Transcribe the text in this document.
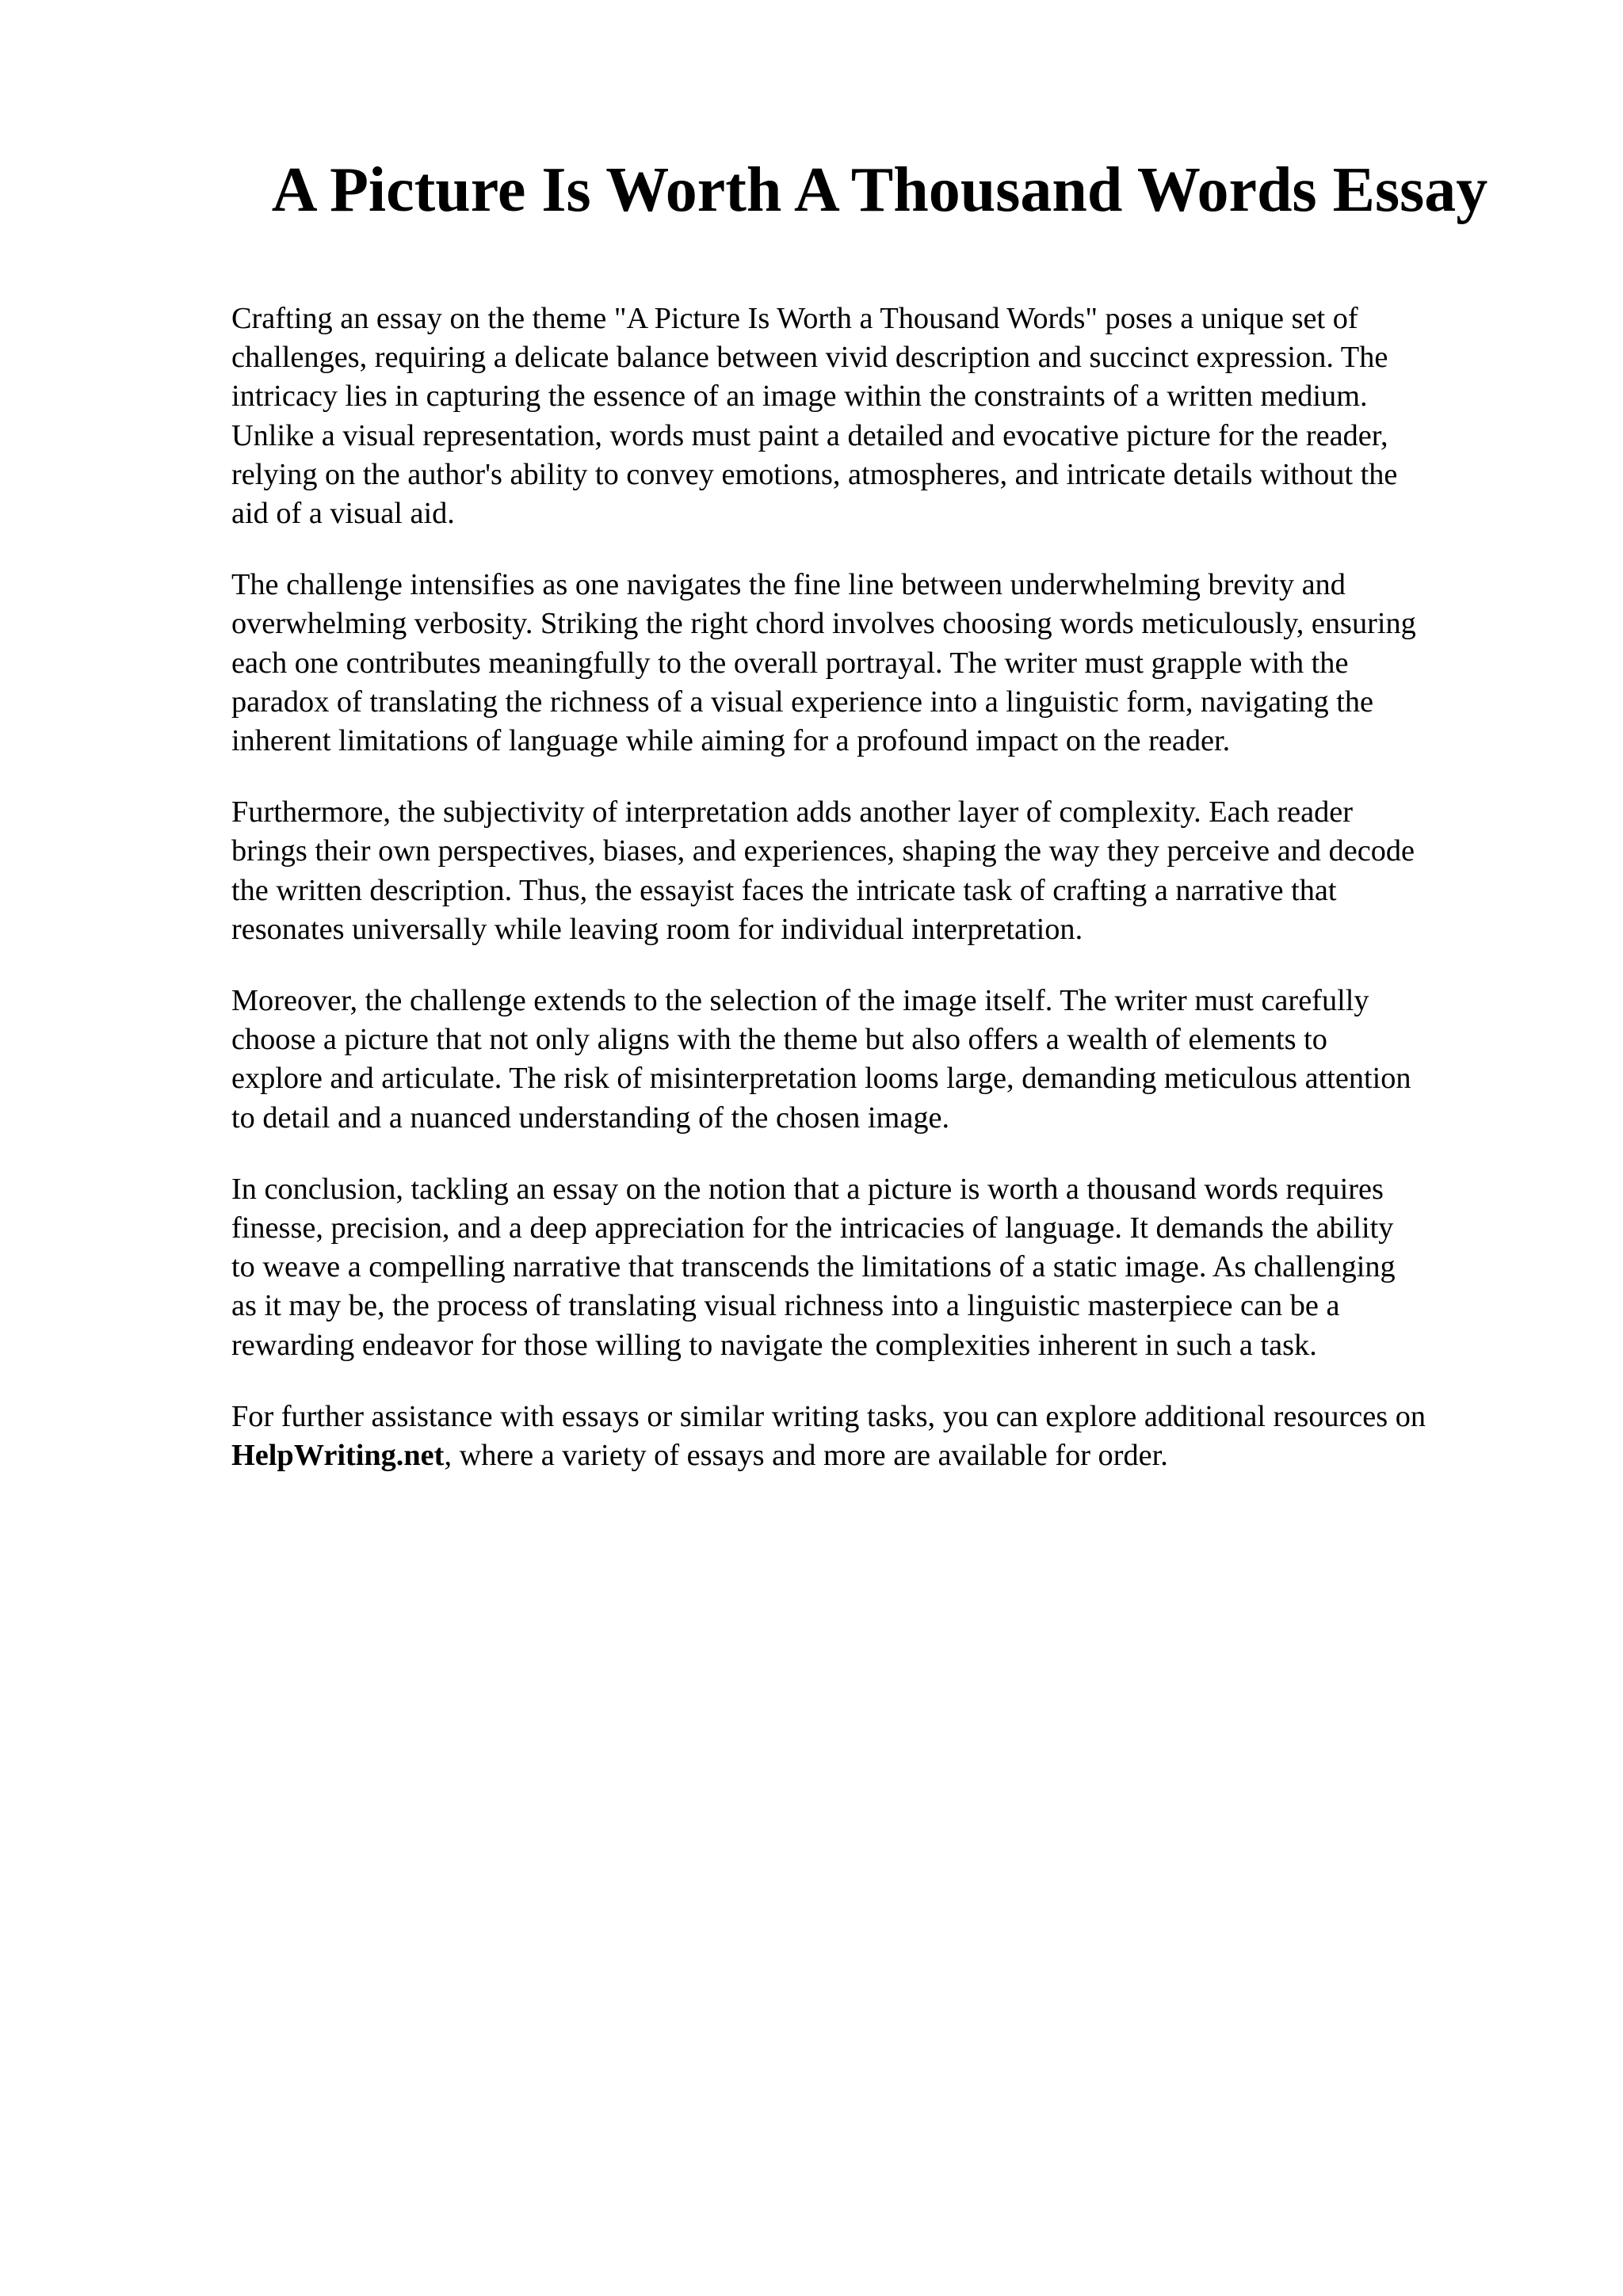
A Picture Is Worth A Thousand Words Essay

Crafting an essay on the theme "A Picture Is Worth a Thousand Words" poses a unique set of
challenges, requiring a delicate balance between vivid description and succinct expression. The
intricacy lies in capturing the essence of an image within the constraints of a written medium.
Unlike a visual representation, words must paint a detailed and evocative picture for the reader,
relying on the author's ability to convey emotions, atmospheres, and intricate details without the
aid of a visual aid.

The challenge intensifies as one navigates the fine line between underwhelming brevity and
overwhelming verbosity. Striking the right chord involves choosing words meticulously, ensuring
each one contributes meaningfully to the overall portrayal. The writer must grapple with the
paradox of translating the richness of a visual experience into a linguistic form, navigating the
inherent limitations of language while aiming for a profound impact on the reader.

Furthermore, the subjectivity of interpretation adds another layer of complexity. Each reader
brings their own perspectives, biases, and experiences, shaping the way they perceive and decode
the written description. Thus, the essayist faces the intricate task of crafting a narrative that
resonates universally while leaving room for individual interpretation.

Moreover, the challenge extends to the selection of the image itself. The writer must carefully
choose a picture that not only aligns with the theme but also offers a wealth of elements to
explore and articulate. The risk of misinterpretation looms large, demanding meticulous attention
to detail and a nuanced understanding of the chosen image.

In conclusion, tackling an essay on the notion that a picture is worth a thousand words requires
finesse, precision, and a deep appreciation for the intricacies of language. It demands the ability
to weave a compelling narrative that transcends the limitations of a static image. As challenging
as it may be, the process of translating visual richness into a linguistic masterpiece can be a
rewarding endeavor for those willing to navigate the complexities inherent in such a task.

For further assistance with essays or similar writing tasks, you can explore additional resources on
HelpWriting.net, where a variety of essays and more are available for order.
